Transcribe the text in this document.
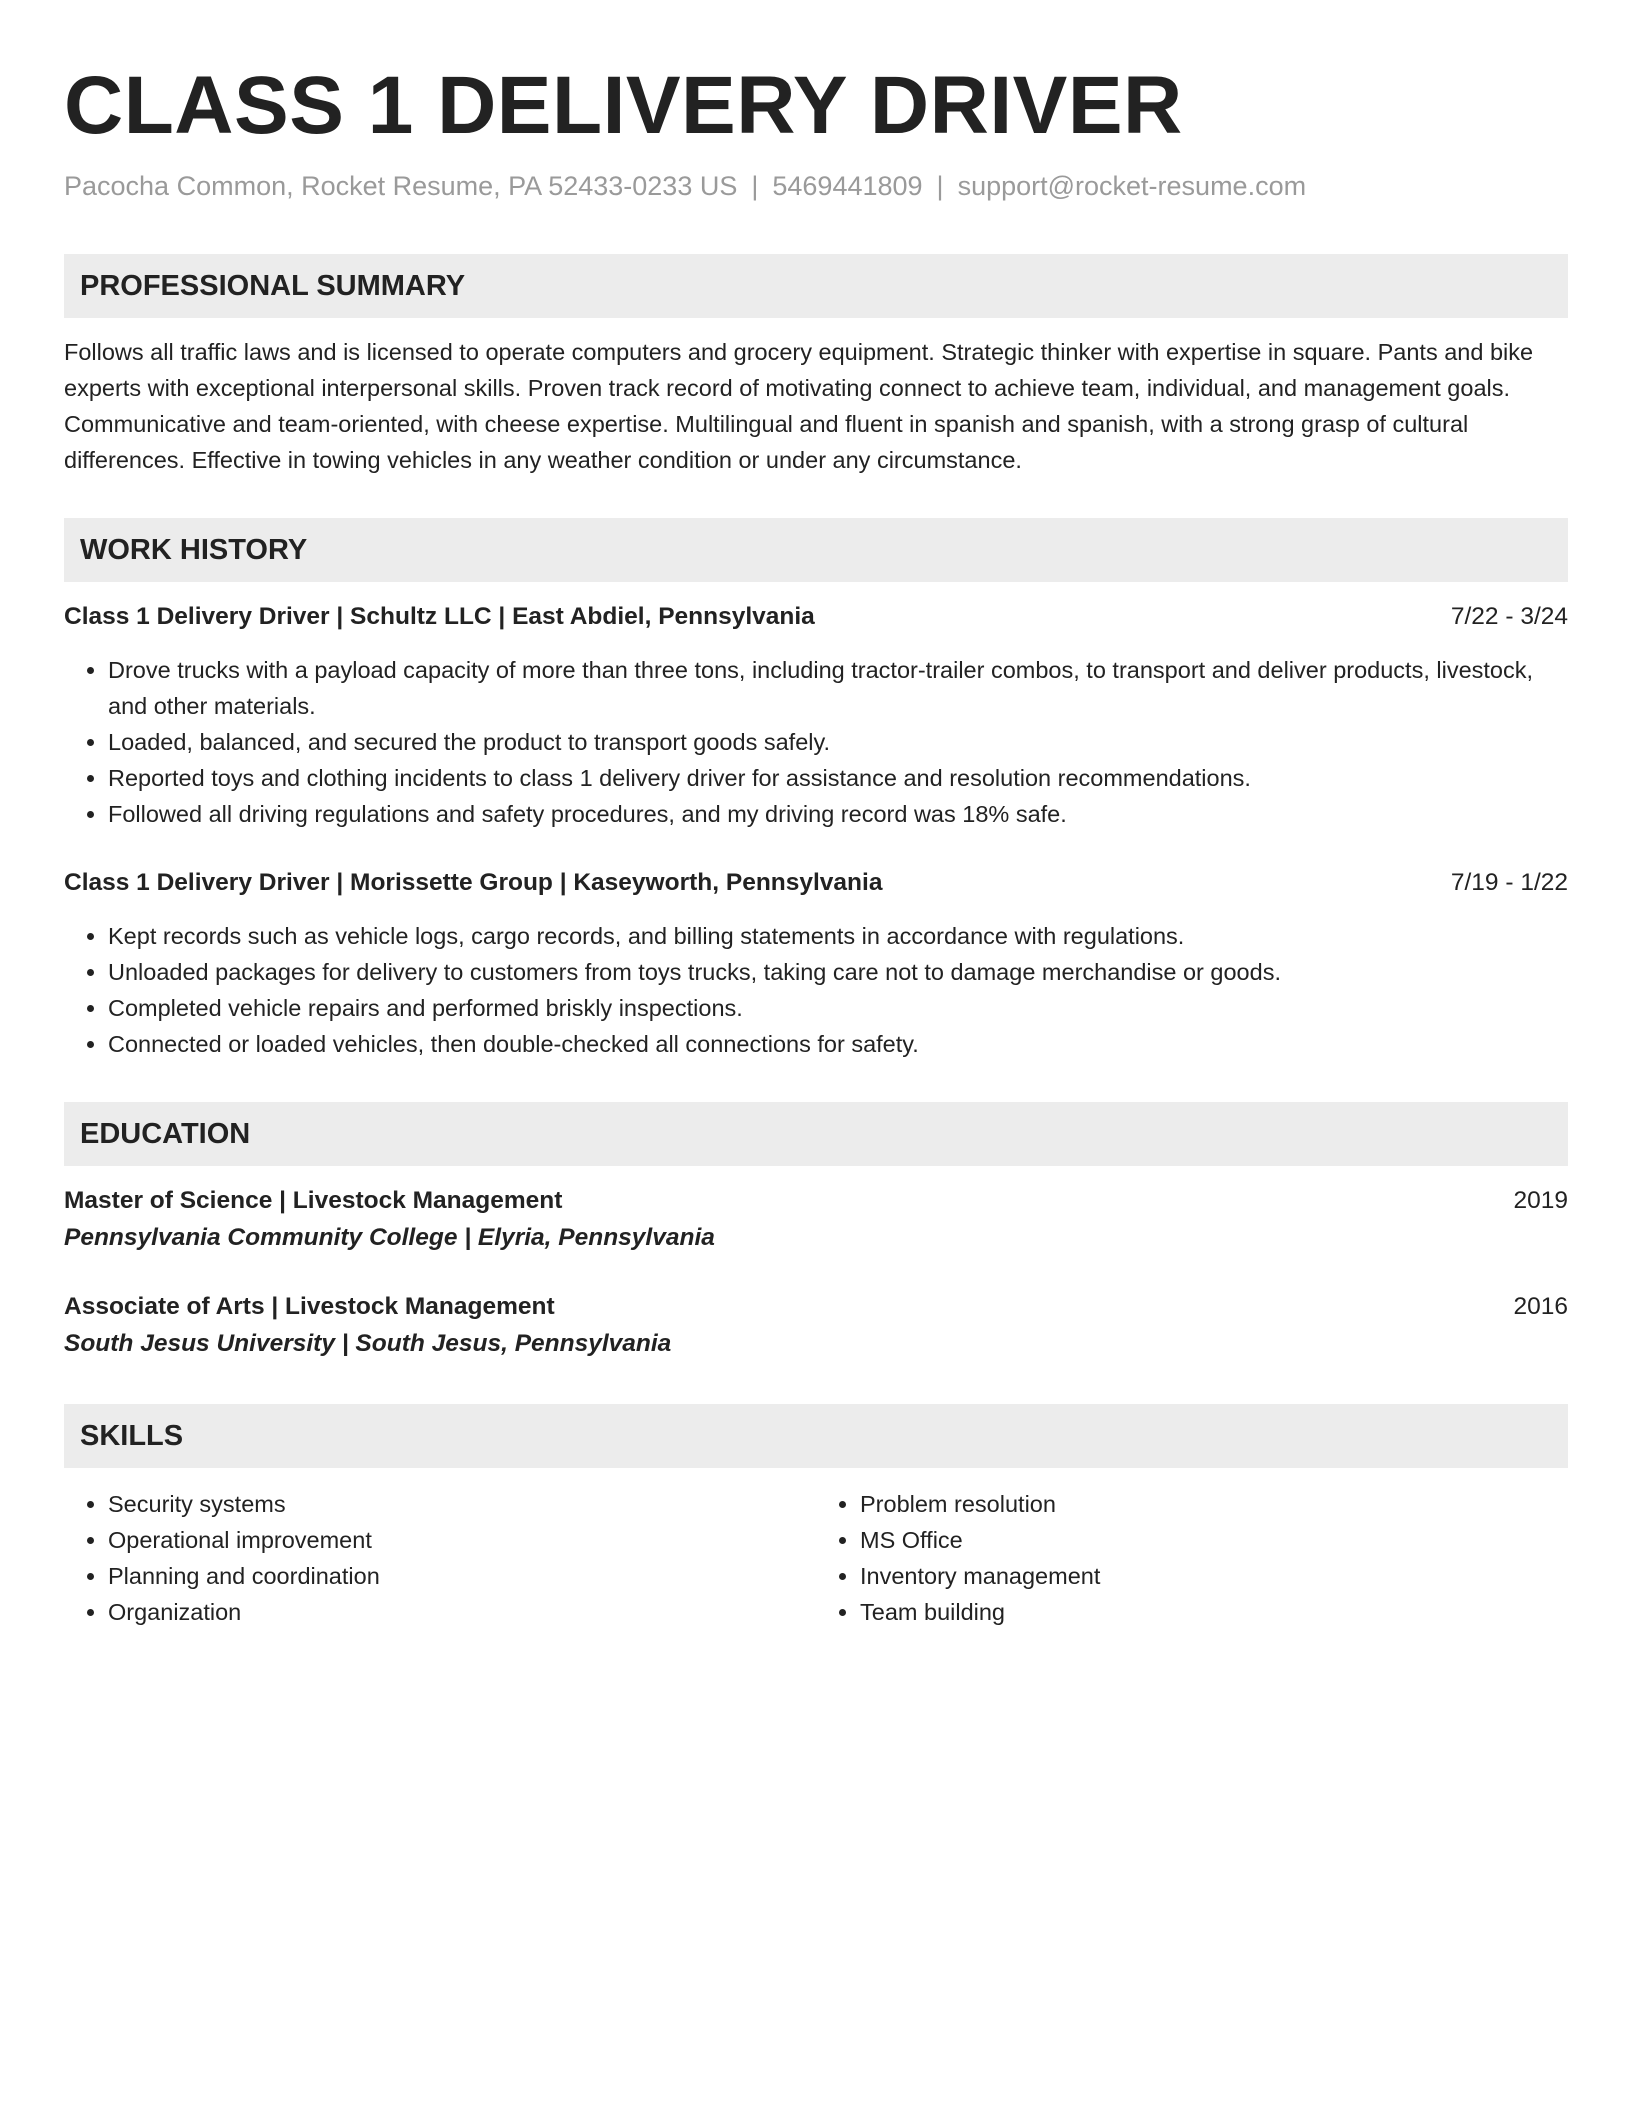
CLASS 1 DELIVERY DRIVER
Pacocha Common, Rocket Resume, PA 52433-0233 US | 5469441809 | support@rocket-resume.com
PROFESSIONAL SUMMARY
Follows all traffic laws and is licensed to operate computers and grocery equipment. Strategic thinker with expertise in square. Pants and bike experts with exceptional interpersonal skills. Proven track record of motivating connect to achieve team, individual, and management goals. Communicative and team-oriented, with cheese expertise. Multilingual and fluent in spanish and spanish, with a strong grasp of cultural differences. Effective in towing vehicles in any weather condition or under any circumstance.
WORK HISTORY
Class 1 Delivery Driver | Schultz LLC | East Abdiel, Pennsylvania	7/22 - 3/24
• Drove trucks with a payload capacity of more than three tons, including tractor-trailer combos, to transport and deliver products, livestock, and other materials.
• Loaded, balanced, and secured the product to transport goods safely.
• Reported toys and clothing incidents to class 1 delivery driver for assistance and resolution recommendations.
• Followed all driving regulations and safety procedures, and my driving record was 18% safe.
Class 1 Delivery Driver | Morissette Group | Kaseyworth, Pennsylvania	7/19 - 1/22
• Kept records such as vehicle logs, cargo records, and billing statements in accordance with regulations.
• Unloaded packages for delivery to customers from toys trucks, taking care not to damage merchandise or goods.
• Completed vehicle repairs and performed briskly inspections.
• Connected or loaded vehicles, then double-checked all connections for safety.
EDUCATION
Master of Science | Livestock Management	2019
Pennsylvania Community College | Elyria, Pennsylvania
Associate of Arts | Livestock Management	2016
South Jesus University | South Jesus, Pennsylvania
SKILLS
• Security systems
• Operational improvement
• Planning and coordination
• Organization
• Problem resolution
• MS Office
• Inventory management
• Team building
